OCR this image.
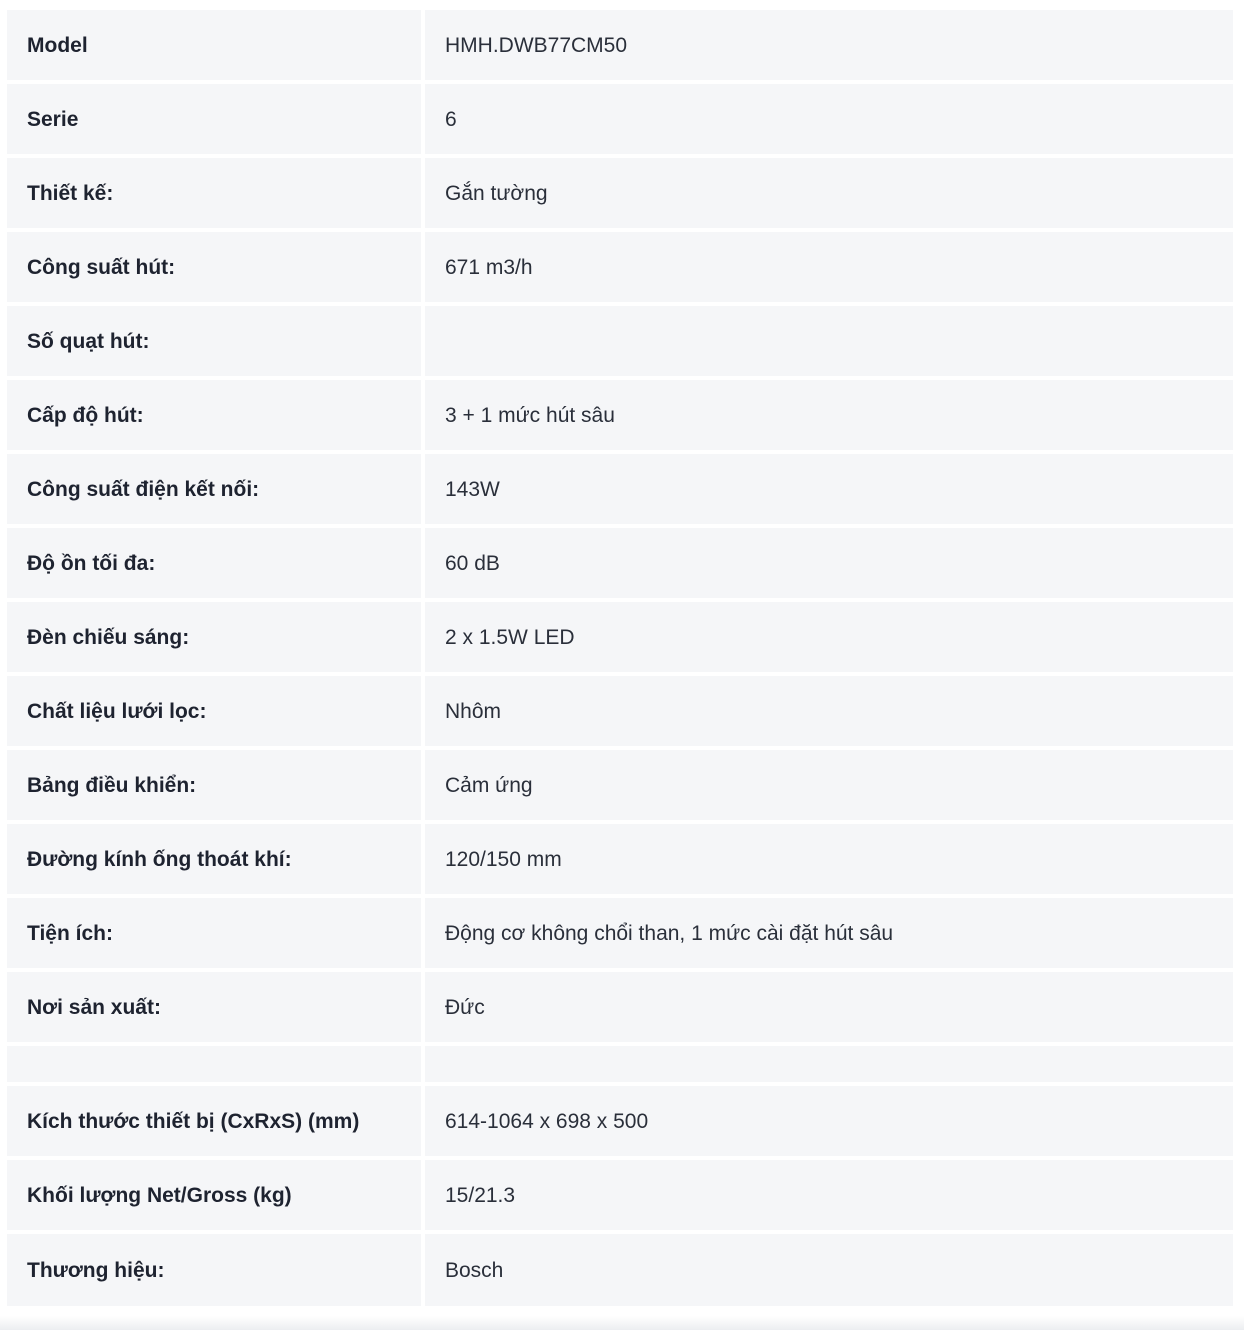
Model	HMH.DWB77CM50
Serie	6
Thiết kế:	Gắn tường
Công suất hút:	671 m3/h
Số quạt hút:
Cấp độ hút:	3 + 1 mức hút sâu
Công suất điện kết nối:	143W
Độ ồn tối đa:	60 dB
Đèn chiếu sáng:	2 x 1.5W LED
Chất liệu lưới lọc:	Nhôm
Bảng điều khiển:	Cảm ứng
Đường kính ống thoát khí:	120/150 mm
Tiện ích:	Động cơ không chổi than, 1 mức cài đặt hút sâu
Nơi sản xuất:	Đức
Kích thước thiết bị (CxRxS) (mm)	614-1064 x 698 x 500
Khối lượng Net/Gross (kg)	15/21.3
Thương hiệu:	Bosch
